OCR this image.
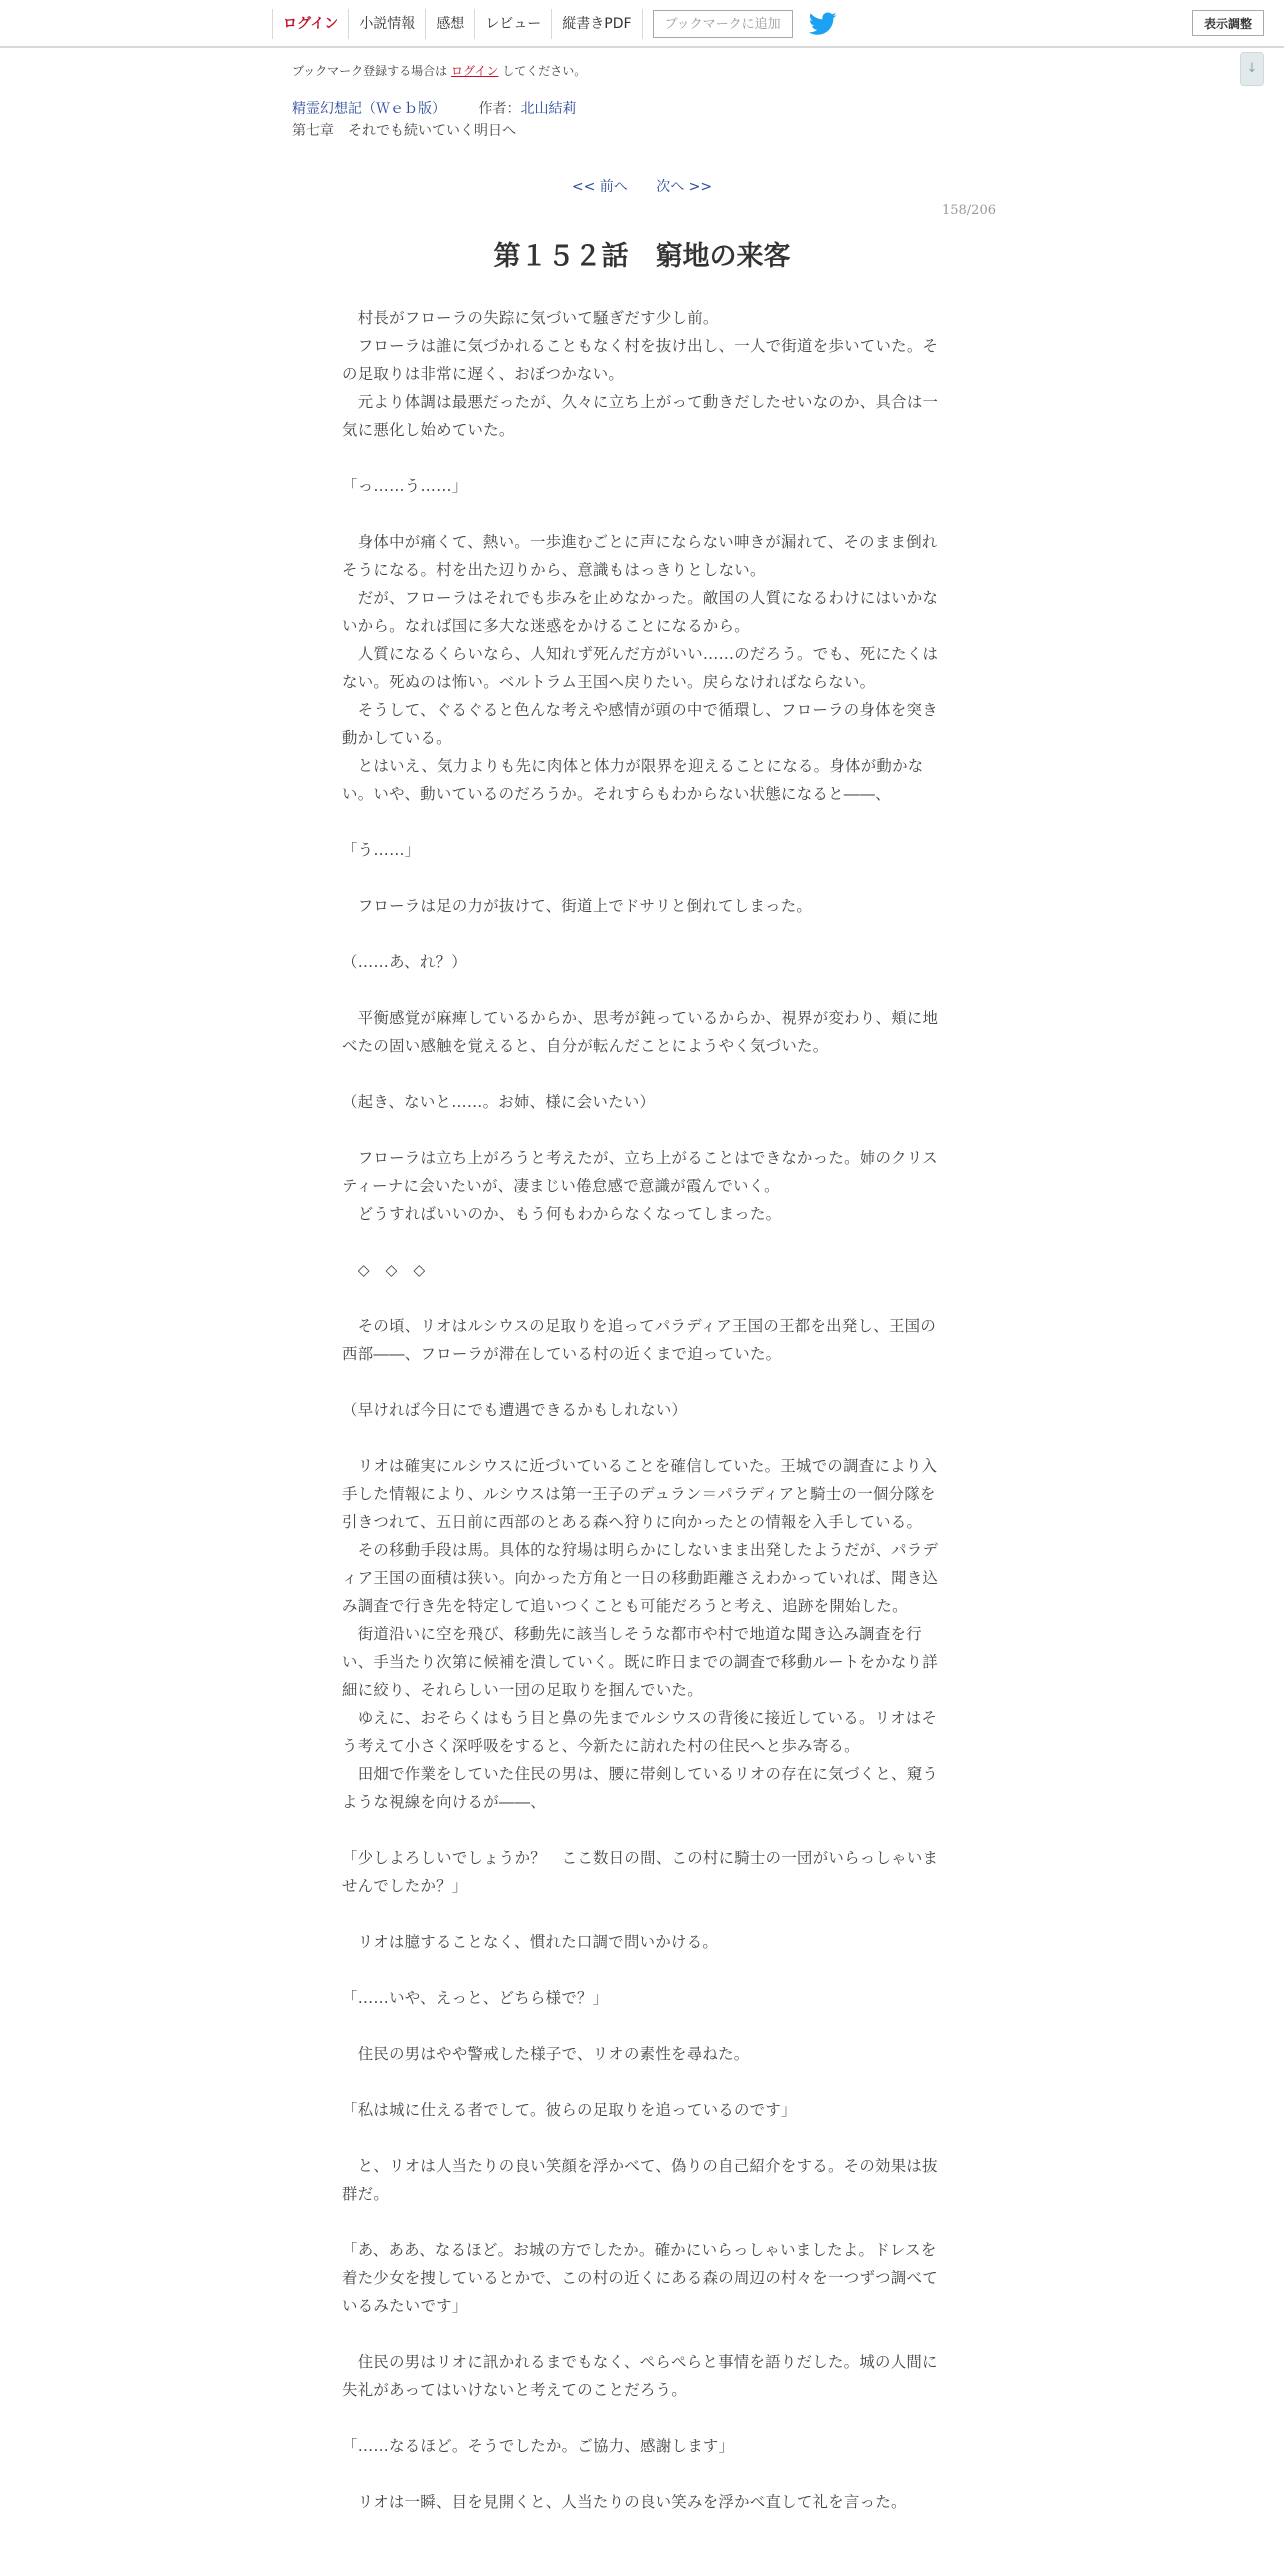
ログイン	小説情報	感想	レビュー	縦書きPDF	ブックマークに追加	表示調整
↓
ブックマーク登録する場合は ログイン してください。
精霊幻想記（Ｗｅｂ版） 作者：北山結莉
第七章　それでも続いていく明日へ
<< 前へ 次へ >>
158/206
第１５２話　窮地の来客

　村長がフローラの失踪に気づいて騒ぎだす少し前。

　フローラは誰に気づかれることもなく村を抜け出し、一人で街道を歩いていた。その足取りは非常に遅く、おぼつかない。

　元より体調は最悪だったが、久々に立ち上がって動きだしたせいなのか、具合は一気に悪化し始めていた。

「っ……う……」

　身体中が痛くて、熱い。一歩進むごとに声にならない呻きが漏れて、そのまま倒れそうになる。村を出た辺りから、意識もはっきりとしない。

　だが、フローラはそれでも歩みを止めなかった。敵国の人質になるわけにはいかないから。なれば国に多大な迷惑をかけることになるから。

　人質になるくらいなら、人知れず死んだ方がいい……のだろう。でも、死にたくはない。死ぬのは怖い。ベルトラム王国へ戻りたい。戻らなければならない。

　そうして、ぐるぐると色んな考えや感情が頭の中で循環し、フローラの身体を突き動かしている。

　とはいえ、気力よりも先に肉体と体力が限界を迎えることになる。身体が動かない。いや、動いているのだろうか。それすらもわからない状態になると――、

「う……」

　フローラは足の力が抜けて、街道上でドサリと倒れてしまった。

（……あ、れ？）

　平衡感覚が麻痺しているからか、思考が鈍っているからか、視界が変わり、頬に地べたの固い感触を覚えると、自分が転んだことにようやく気づいた。

（起き、ないと……。お姉、様に会いたい）

　フローラは立ち上がろうと考えたが、立ち上がることはできなかった。姉のクリスティーナに会いたいが、凄まじい倦怠感で意識が霞んでいく。

　どうすればいいのか、もう何もわからなくなってしまった。

　◇　◇　◇

　その頃、リオはルシウスの足取りを追ってパラディア王国の王都を出発し、王国の西部――、フローラが滞在している村の近くまで迫っていた。

（早ければ今日にでも遭遇できるかもしれない）

　リオは確実にルシウスに近づいていることを確信していた。王城での調査により入手した情報により、ルシウスは第一王子のデュラン＝パラディアと騎士の一個分隊を引きつれて、五日前に西部のとある森へ狩りに向かったとの情報を入手している。

　その移動手段は馬。具体的な狩場は明らかにしないまま出発したようだが、パラディア王国の面積は狭い。向かった方角と一日の移動距離さえわかっていれば、聞き込み調査で行き先を特定して追いつくことも可能だろうと考え、追跡を開始した。

　街道沿いに空を飛び、移動先に該当しそうな都市や村で地道な聞き込み調査を行い、手当たり次第に候補を潰していく。既に昨日までの調査で移動ルートをかなり詳細に絞り、それらしい一団の足取りを掴んでいた。

　ゆえに、おそらくはもう目と鼻の先までルシウスの背後に接近している。リオはそう考えて小さく深呼吸をすると、今新たに訪れた村の住民へと歩み寄る。

　田畑で作業をしていた住民の男は、腰に帯剣しているリオの存在に気づくと、窺うような視線を向けるが――、

「少しよろしいでしょうか？　ここ数日の間、この村に騎士の一団がいらっしゃいませんでしたか？」

　リオは臆することなく、慣れた口調で問いかける。

「……いや、えっと、どちら様で？」

　住民の男はやや警戒した様子で、リオの素性を尋ねた。

「私は城に仕える者でして。彼らの足取りを追っているのです」

　と、リオは人当たりの良い笑顔を浮かべて、偽りの自己紹介をする。その効果は抜群だ。

「あ、ああ、なるほど。お城の方でしたか。確かにいらっしゃいましたよ。ドレスを着た少女を捜しているとかで、この村の近くにある森の周辺の村々を一つずつ調べているみたいです」

　住民の男はリオに訊かれるまでもなく、ぺらぺらと事情を語りだした。城の人間に失礼があってはいけないと考えてのことだろう。

「……なるほど。そうでしたか。ご協力、感謝します」

　リオは一瞬、目を見開くと、人当たりの良い笑みを浮かべ直して礼を言った。
